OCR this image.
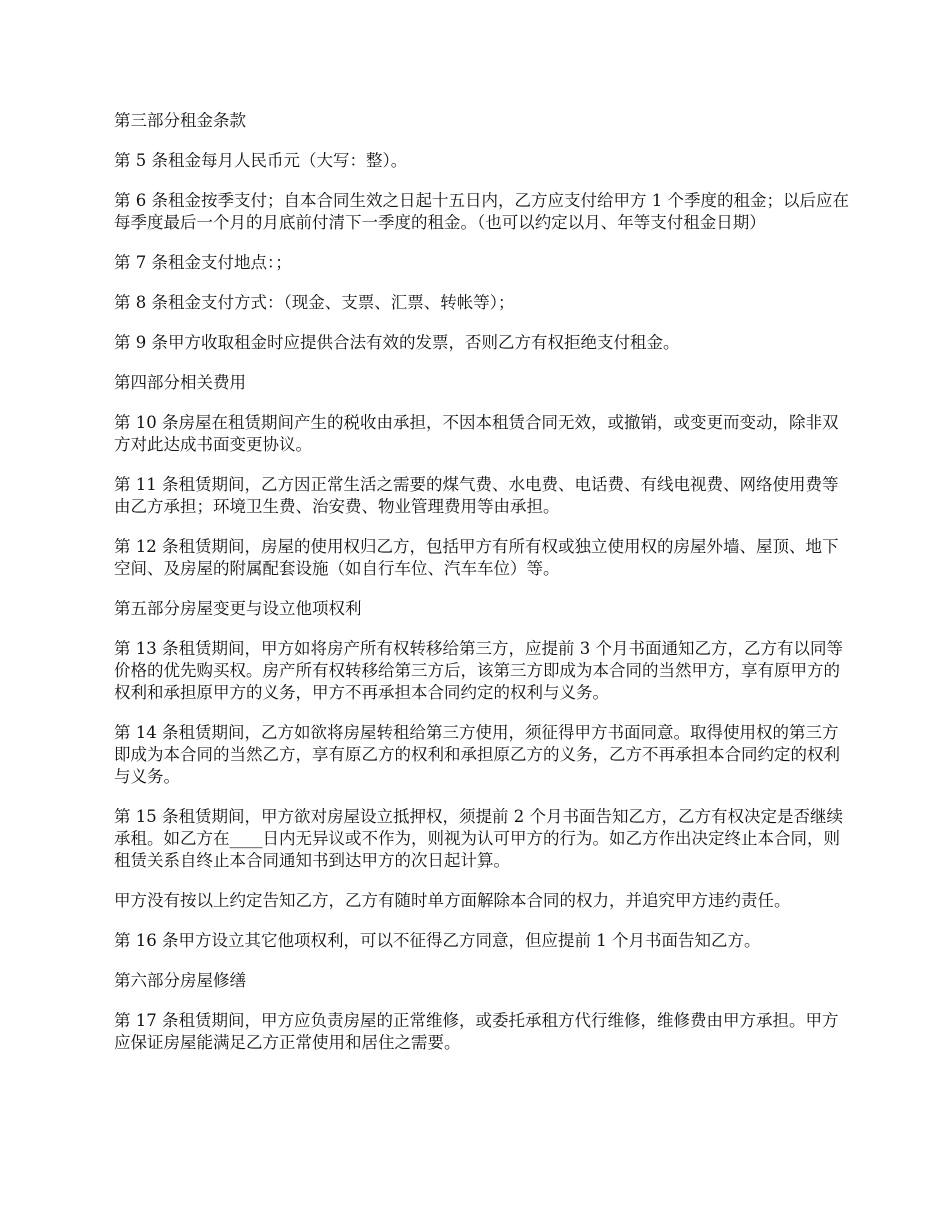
第三部分租金条款

第 5 条租金每月人民币元（大写：整）。

第 6 条租金按季支付；自本合同生效之日起十五日内，乙方应支付给甲方 1 个季度的租金；以后应在每季度最后一个月的月底前付清下一季度的租金。（也可以约定以月、年等支付租金日期）

第 7 条租金支付地点：；

第 8 条租金支付方式：（现金、支票、汇票、转帐等）；

第 9 条甲方收取租金时应提供合法有效的发票，否则乙方有权拒绝支付租金。

第四部分相关费用

第 10 条房屋在租赁期间产生的税收由承担，不因本租赁合同无效，或撤销，或变更而变动，除非双方对此达成书面变更协议。

第 11 条租赁期间，乙方因正常生活之需要的煤气费、水电费、电话费、有线电视费、网络使用费等由乙方承担；环境卫生费、治安费、物业管理费用等由承担。

第 12 条租赁期间，房屋的使用权归乙方，包括甲方有所有权或独立使用权的房屋外墙、屋顶、地下空间、及房屋的附属配套设施（如自行车位、汽车车位）等。

第五部分房屋变更与设立他项权利

第 13 条租赁期间，甲方如将房产所有权转移给第三方，应提前 3 个月书面通知乙方，乙方有以同等价格的优先购买权。房产所有权转移给第三方后，该第三方即成为本合同的当然甲方，享有原甲方的权利和承担原甲方的义务，甲方不再承担本合同约定的权利与义务。

第 14 条租赁期间，乙方如欲将房屋转租给第三方使用，须征得甲方书面同意。取得使用权的第三方即成为本合同的当然乙方，享有原乙方的权利和承担原乙方的义务，乙方不再承担本合同约定的权利与义务。

第 15 条租赁期间，甲方欲对房屋设立抵押权，须提前 2 个月书面告知乙方，乙方有权决定是否继续承租。如乙方在____日内无异议或不作为，则视为认可甲方的行为。如乙方作出决定终止本合同，则租赁关系自终止本合同通知书到达甲方的次日起计算。

甲方没有按以上约定告知乙方，乙方有随时单方面解除本合同的权力，并追究甲方违约责任。

第 16 条甲方设立其它他项权利，可以不征得乙方同意，但应提前 1 个月书面告知乙方。

第六部分房屋修缮

第 17 条租赁期间，甲方应负责房屋的正常维修，或委托承租方代行维修，维修费由甲方承担。甲方应保证房屋能满足乙方正常使用和居住之需要。
